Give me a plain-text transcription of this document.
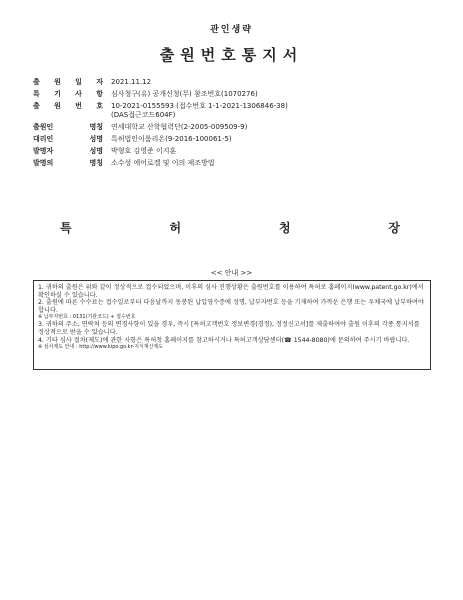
관인생략
출원번호통지서
출 원 일 자	2021.11.12
특 기 사 항	심사청구(유) 공개신청(무) 참조번호(1070276)
출 원 번 호	10-2021-0155593 (접수번호 1-1-2021-1306846-38)
(DAS접근코드604F)
출원인 명칭	연세대학교 산학협력단(2-2005-009509-9)
대리인 성명	특허법인이룸리온(9-2016-100061-5)
발명자 성명	박형호 김영준 이지훈
발명의 명칭	소수성 에어로겔 및 이의 제조방법
특	허	청	장
<< 안내 >>

1. 귀하의 출원은 위와 같이 정상적으로 접수되었으며, 이후의 심사 진행상황은 출원번호를 이용하여 특허로 홈페이지(www.patent.go.kr)에서 확인하실 수 있습니다.

2. 출원에 따른 수수료는 접수일로부터 다음날까지 동봉된 납입영수증에 성명, 납부자번호 등을 기재하여 가까운 은행 또는 우체국에 납부하여야 합니다.

※ 납부자번호 : 0131(기관코드) + 접수번호

3. 귀하의 주소, 연락처 등의 변경사항이 있을 경우, 즉시 [특허고객번호 정보변경(경정), 정정신고서]를 제출하여야 출원 이후의 각종 통지서를 정상적으로 받을 수 있습니다.

4. 기타 심사 절차(제도)에 관한 사항은 특허청 홈페이지를 참고하시거나 특허고객상담센터(☎ 1544-8080)에 문의하여 주시기 바랍니다.

※ 심사제도 안내 : http://www.kipo.go.kr-지식재산제도
